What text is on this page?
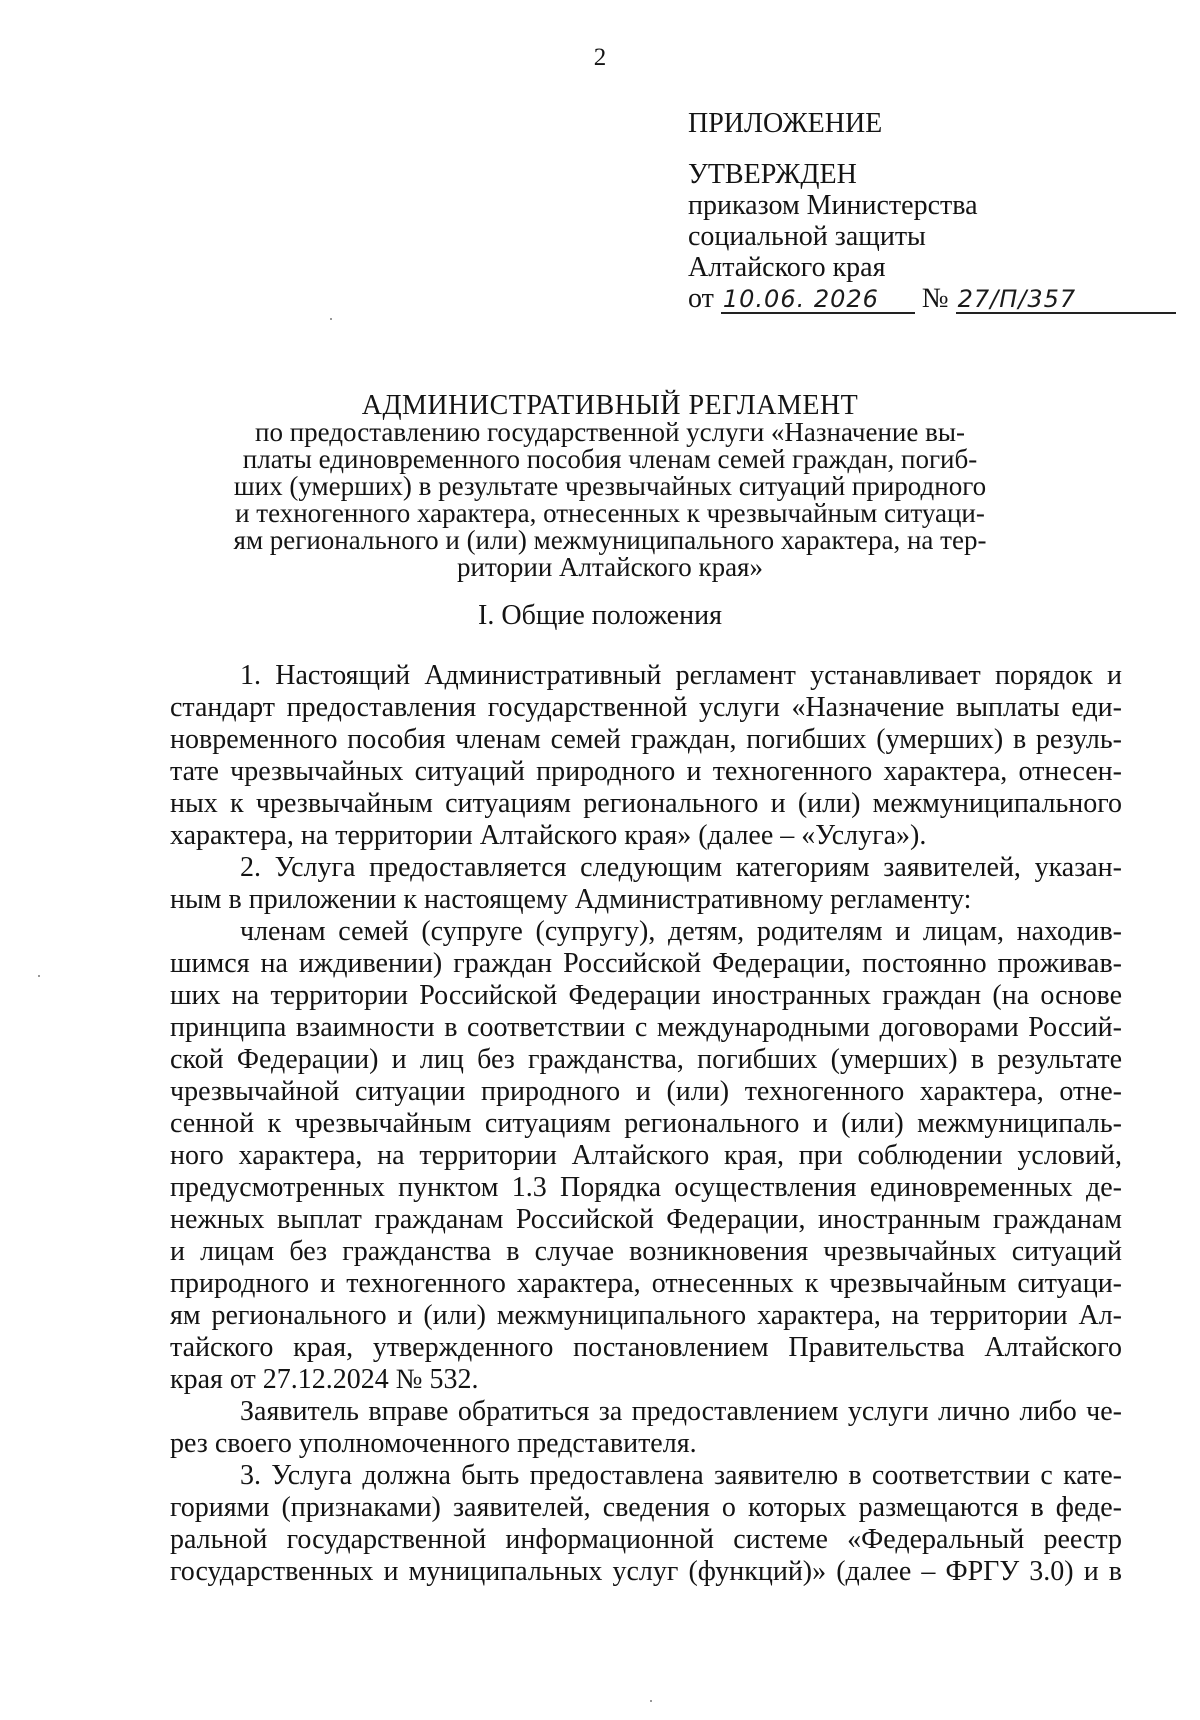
2
ПРИЛОЖЕНИЕ
УТВЕРЖДЕН
приказом Министерства
социальной защиты
Алтайского края
от 10.06. 2026 № 27/П/357
АДМИНИСТРАТИВНЫЙ РЕГЛАМЕНТ
по предоставлению государственной услуги «Назначение вы-
платы единовременного пособия членам семей граждан, погиб-
ших (умерших) в результате чрезвычайных ситуаций природного
и техногенного характера, отнесенных к чрезвычайным ситуаци-
ям регионального и (или) межмуниципального характера, на тер-
ритории Алтайского края»
I. Общие положения

1. Настоящий Административный регламент устанавливает порядок и
стандарт предоставления государственной услуги «Назначение выплаты еди-
новременного пособия членам семей граждан, погибших (умерших) в резуль-
тате чрезвычайных ситуаций природного и техногенного характера, отнесен-
ных к чрезвычайным ситуациям регионального и (или) межмуниципального
характера, на территории Алтайского края» (далее – «Услуга»).

2. Услуга предоставляется следующим категориям заявителей, указан-
ным в приложении к настоящему Административному регламенту:

членам семей (супруге (супругу), детям, родителям и лицам, находив-
шимся на иждивении) граждан Российской Федерации, постоянно проживав-
ших на территории Российской Федерации иностранных граждан (на основе
принципа взаимности в соответствии с международными договорами Россий-
ской Федерации) и лиц без гражданства, погибших (умерших) в результате
чрезвычайной ситуации природного и (или) техногенного характера, отне-
сенной к чрезвычайным ситуациям регионального и (или) межмуниципаль-
ного характера, на территории Алтайского края, при соблюдении условий,
предусмотренных пунктом 1.3 Порядка осуществления единовременных де-
нежных выплат гражданам Российской Федерации, иностранным гражданам
и лицам без гражданства в случае возникновения чрезвычайных ситуаций
природного и техногенного характера, отнесенных к чрезвычайным ситуаци-
ям регионального и (или) межмуниципального характера, на территории Ал-
тайского края, утвержденного постановлением Правительства Алтайского
края от 27.12.2024 № 532.

Заявитель вправе обратиться за предоставлением услуги лично либо че-
рез своего уполномоченного представителя.

3. Услуга должна быть предоставлена заявителю в соответствии с кате-
гориями (признаками) заявителей, сведения о которых размещаются в феде-
ральной государственной информационной системе «Федеральный реестр
государственных и муниципальных услуг (функций)» (далее – ФРГУ 3.0) и в
